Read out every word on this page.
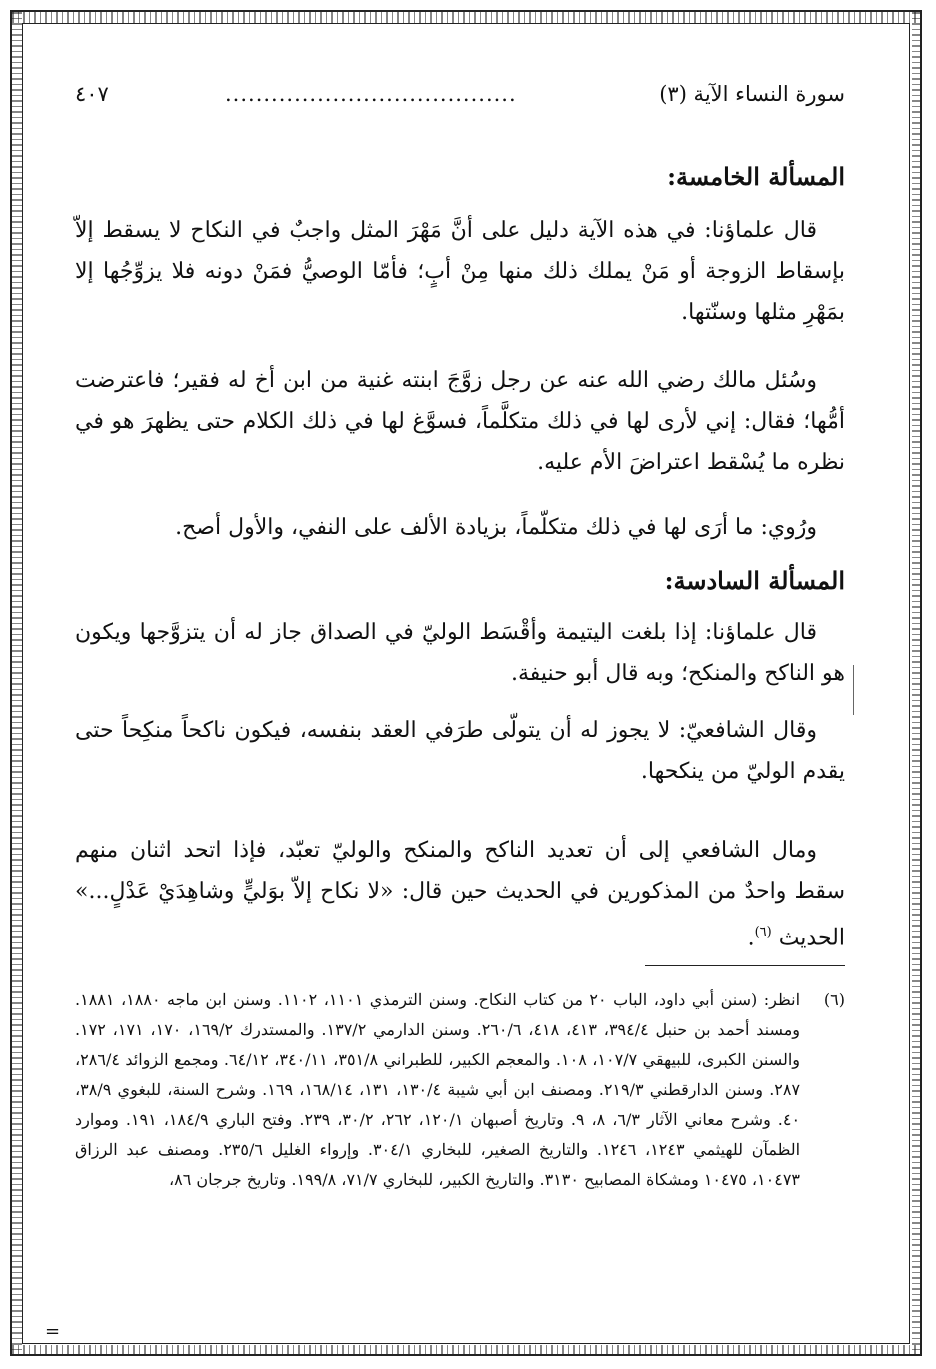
سورة النساء الآية (٣)
......................................
٤٠٧
المسألة الخامسة:

قال علماؤنا: في هذه الآية دليل على أنَّ مَهْرَ المثل واجبٌ في النكاح لا يسقط إلاّ بإسقاط الزوجة أو مَنْ يملك ذلك منها مِنْ أبٍ؛ فأمّا الوصيُّ فمَنْ دونه فلا يزوِّجُها إلا بمَهْرِ مثلها وسنّتها.

وسُئل مالك رضي الله عنه عن رجل زوَّجَ ابنته غنية من ابن أخ له فقير؛ فاعترضت أمُّها؛ فقال: إني لأرى لها في ذلك متكلَّماً، فسوَّغ لها في ذلك الكلام حتى يظهرَ هو في نظره ما يُسْقط اعتراضَ الأم عليه.

ورُوي: ما أرَى لها في ذلك متكلّماً، بزيادة الألف على النفي، والأول أصح.

المسألة السادسة:

قال علماؤنا: إذا بلغت اليتيمة وأقْسَط الوليّ في الصداق جاز له أن يتزوَّجها ويكون هو الناكح والمنكح؛ وبه قال أبو حنيفة.

وقال الشافعيّ: لا يجوز له أن يتولّى طرَفي العقد بنفسه، فيكون ناكحاً منكِحاً حتى يقدم الوليّ من ينكحها.

ومال الشافعي إلى أن تعديد الناكح والمنكح والوليّ تعبّد، فإذا اتحد اثنان منهم سقط واحدٌ من المذكورين في الحديث حين قال: «لا نكاح إلاّ بوَليٍّ وشاهِدَيْ عَدْلٍ...» الحديث $^{(٦)}$.

(٦)
انظر: (سنن أبي داود، الباب ٢٠ من كتاب النكاح. وسنن الترمذي ١١٠١، ١١٠٢. وسنن ابن ماجه ١٨٨٠، ١٨٨١. ومسند أحمد بن حنبل ٣٩٤/٤، ٤١٣، ٤١٨، ٢٦٠/٦. وسنن الدارمي ١٣٧/٢. والمستدرك ١٦٩/٢، ١٧٠، ١٧١، ١٧٢. والسنن الكبرى، للبيهقي ١٠٧/٧، ١٠٨. والمعجم الكبير، للطبراني ٣٥١/٨، ٣٤٠/١١، ٦٤/١٢. ومجمع الزوائد ٢٨٦/٤، ٢٨٧. وسنن الدارقطني ٢١٩/٣. ومصنف ابن أبي شيبة ١٣٠/٤، ١٣١، ١٦٨/١٤، ١٦٩. وشرح السنة، للبغوي ٣٨/٩، ٤٠. وشرح معاني الآثار ٦/٣، ٨، ٩. وتاريخ أصبهان ١٢٠/١، ٢٦٢، ٣٠/٢، ٢٣٩. وفتح الباري ١٨٤/٩، ١٩١. وموارد الظمآن للهيثمي ١٢٤٣، ١٢٤٦. والتاريخ الصغير، للبخاري ٣٠٤/١. وإرواء الغليل ٢٣٥/٦. ومصنف عبد الرزاق ١٠٤٧٣، ١٠٤٧٥ ومشكاة المصابيح ٣١٣٠. والتاريخ الكبير، للبخاري ٧١/٧، ١٩٩/٨. وتاريخ جرجان ٨٦،
=
